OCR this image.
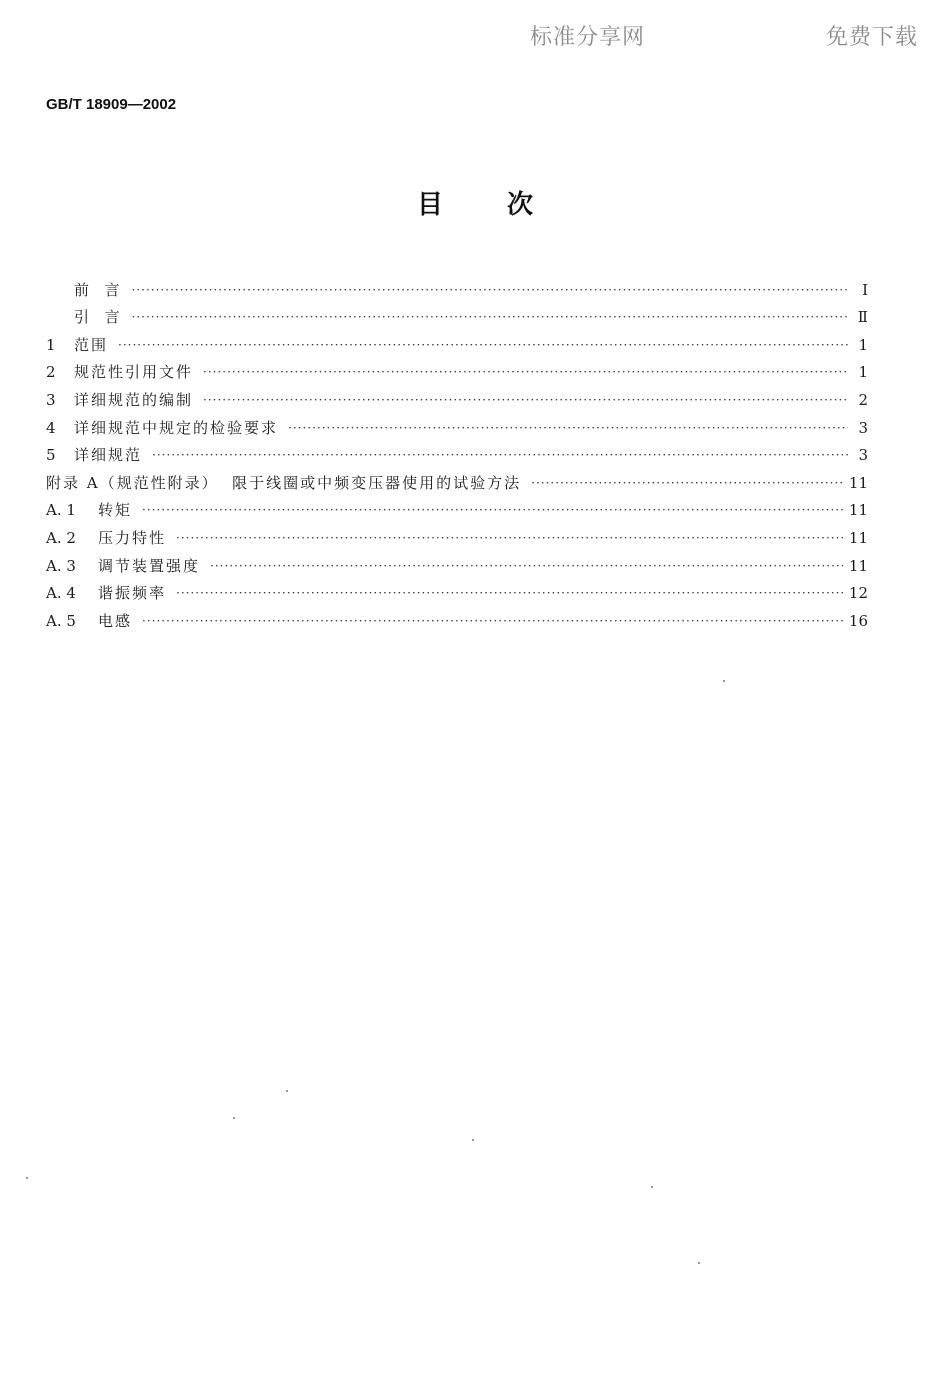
标准分享网	免费下载
GB/T 18909—2002
目次
前  言 ·····	I
引  言 ·····	Ⅱ
1	范围 ·····	1
2	规范性引用文件 ·····	1
3	详细规范的编制 ·····	2
4	详细规范中规定的检验要求 ·····	3
5	详细规范 ·····	3
附录 A（规范性附录）  限于线圈或中频变压器使用的试验方法 ·····	11
A. 1	转矩 ·····	11
A. 2	压力特性 ·····	11
A. 3	调节装置强度 ·····	11
A. 4	谐振频率 ·····	12
A. 5	电感 ·····	16
